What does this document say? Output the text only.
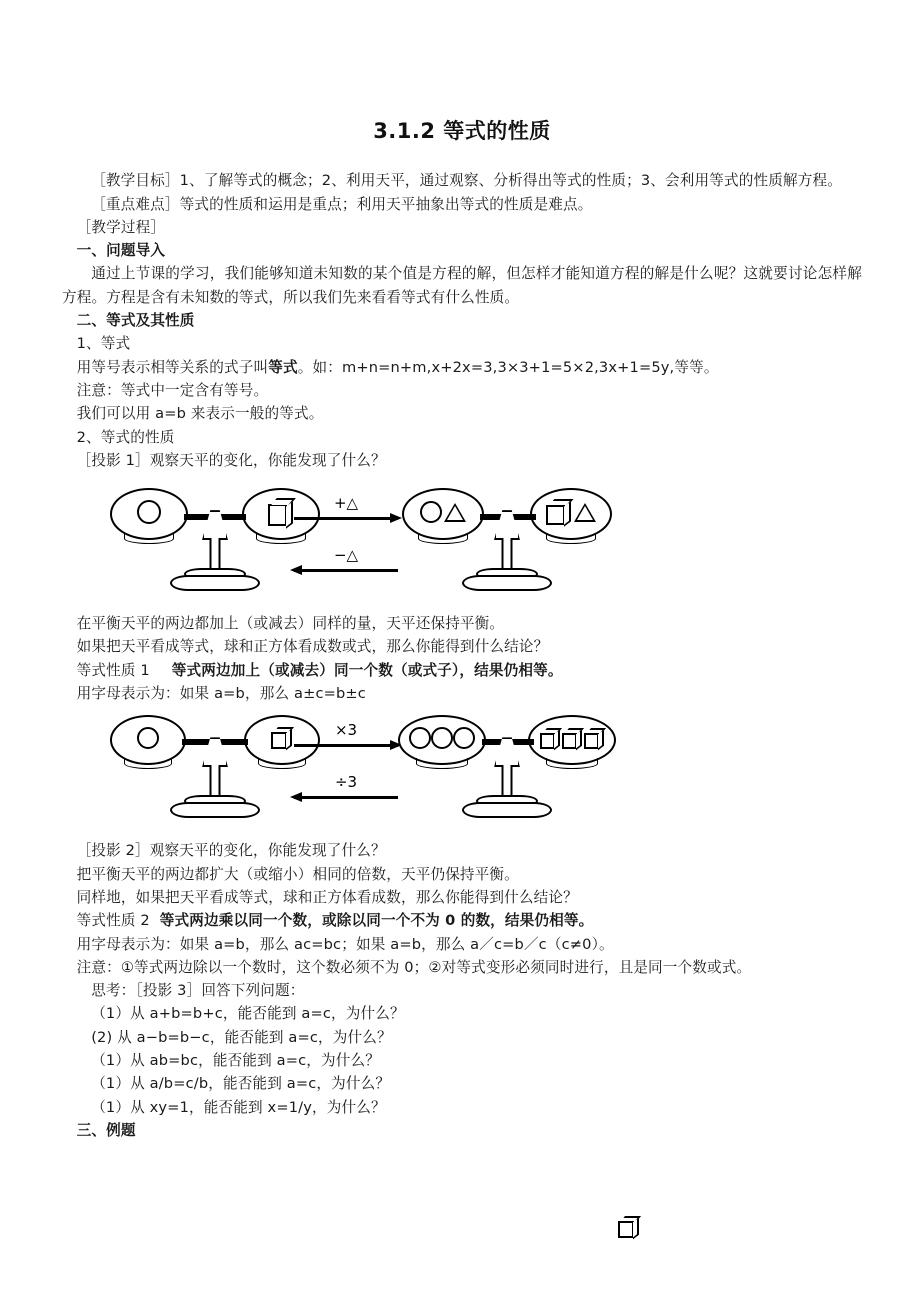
3.1.2 等式的性质

［教学目标］1、了解等式的概念；2、利用天平，通过观察、分析得出等式的性质；3、会利用等式的性质解方程。

［重点难点］等式的性质和运用是重点；利用天平抽象出等式的性质是难点。

［教学过程］

一、问题导入

通过上节课的学习，我们能够知道未知数的某个值是方程的解，但怎样才能知道方程的解是什么呢？这就要讨论怎样解方程。方程是含有未知数的等式，所以我们先来看看等式有什么性质。

二、等式及其性质

1、等式

用等号表示相等关系的式子叫等式。如：m+n=n+m,x+2x=3,3×3+1=5×2,3x+1=5y,等等。

注意：等式中一定含有等号。

我们可以用 a=b 来表示一般的等式。

2、等式的性质

［投影 1］观察天平的变化，你能发现了什么？

+△
−△

在平衡天平的两边都加上（或减去）同样的量，天平还保持平衡。

如果把天平看成等式，球和正方体看成数或式，那么你能得到什么结论？

等式性质 1 等式两边加上（或减去）同一个数（或式子），结果仍相等。

用字母表示为：如果 a=b，那么 a±c=b±c

×3
÷3

［投影 2］观察天平的变化，你能发现了什么？

把平衡天平的两边都扩大（或缩小）相同的倍数，天平仍保持平衡。

同样地，如果把天平看成等式，球和正方体看成数，那么你能得到什么结论？

等式性质 2 等式两边乘以同一个数，或除以同一个不为 0 的数，结果仍相等。

用字母表示为：如果 a=b，那么 ac=bc；如果 a=b，那么 a／c=b／c（c≠0）。

注意：①等式两边除以一个数时，这个数必须不为 0；②对等式变形必须同时进行，且是同一个数或式。

思考：［投影 3］回答下列问题：

（1）从 a+b=b+c，能否能到 a=c，为什么？

(2) 从 a−b=b−c，能否能到 a=c，为什么？

（1）从 ab=bc，能否能到 a=c，为什么？

（1）从 a/b=c/b，能否能到 a=c，为什么？

（1）从 xy=1，能否能到 x=1/y，为什么？

三、例题
